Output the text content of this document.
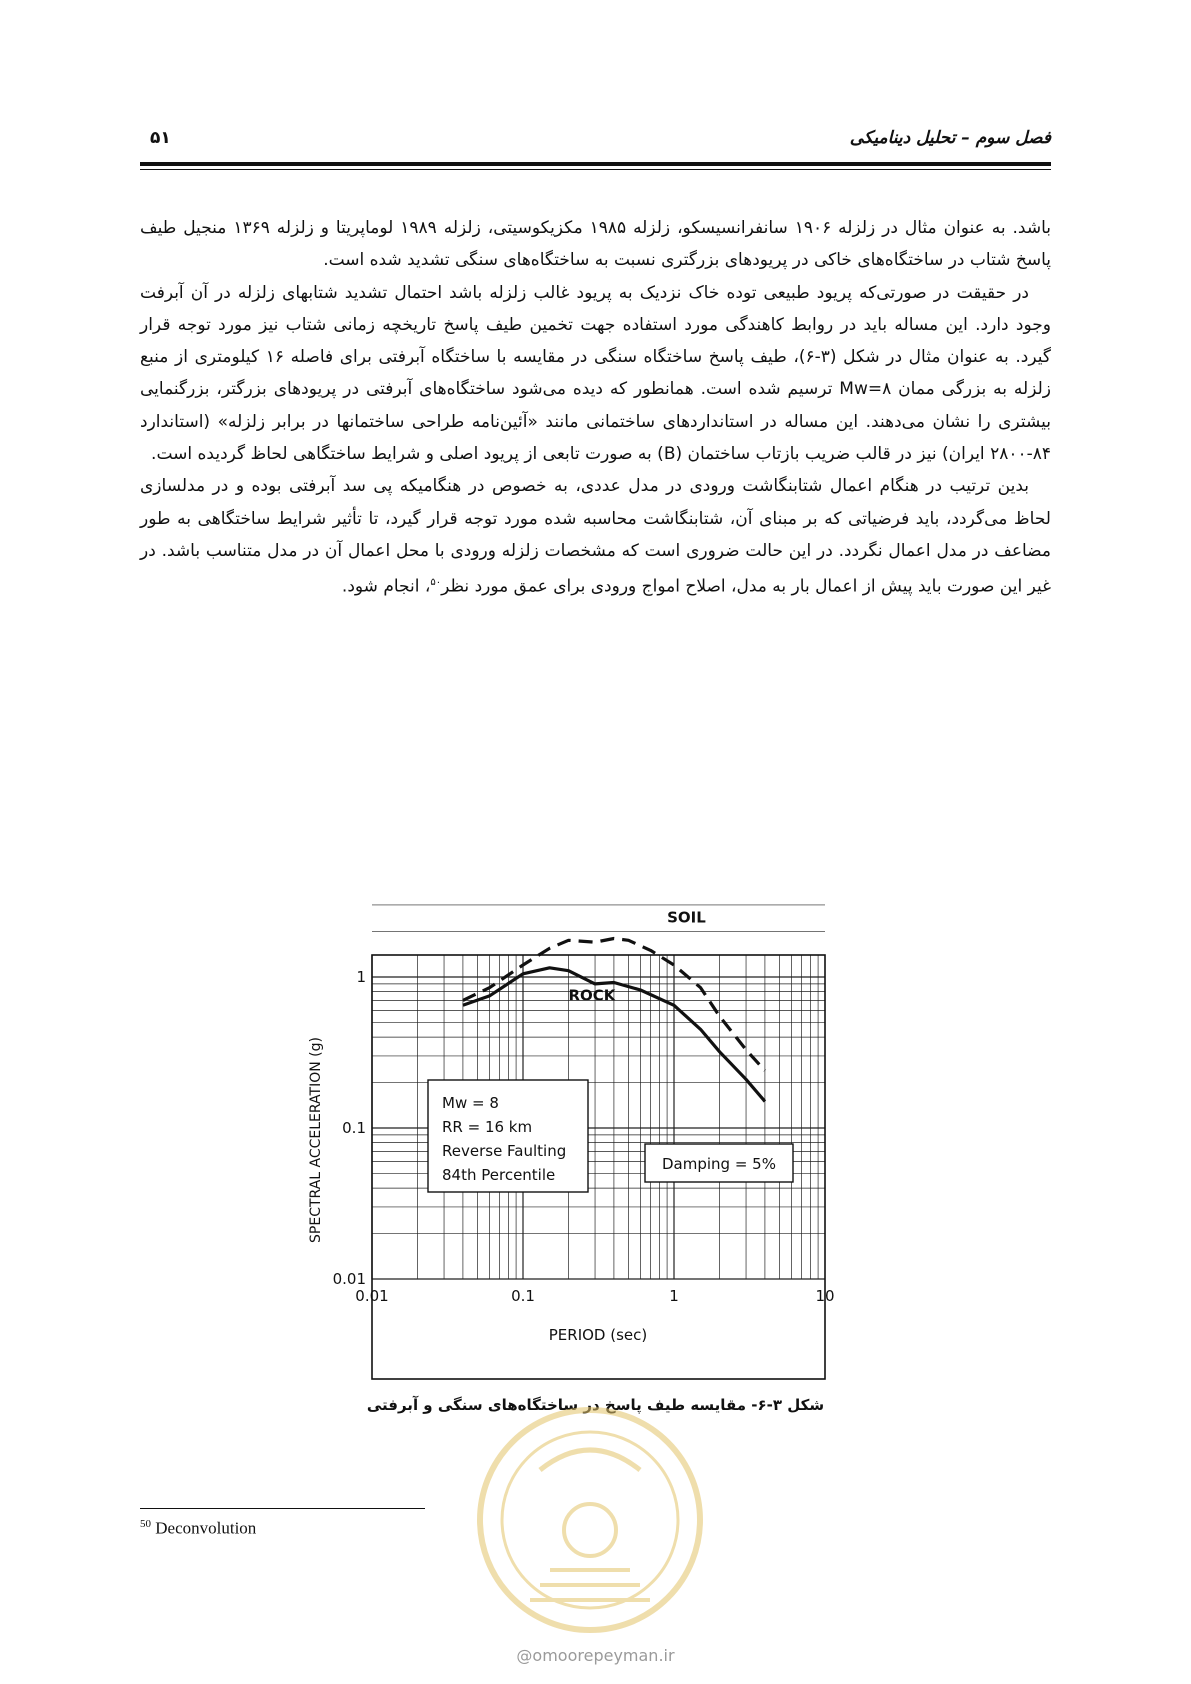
فصل سوم – تحلیل دینامیکی
۵۱

باشد. به عنوان مثال در زلزله ۱۹۰۶ سانفرانسیسکو، زلزله ۱۹۸۵ مکزیکوسیتی، زلزله ۱۹۸۹ لوماپریتا و زلزله ۱۳۶۹ منجیل طیف پاسخ شتاب در ساختگاه‌های خاکی در پریودهای بزرگتری نسبت به ساختگاه‌های سنگی تشدید شده است.

در حقیقت در صورتی‌که پریود طبیعی توده خاک نزدیک به پریود غالب زلزله باشد احتمال تشدید شتابهای زلزله در آن آبرفت وجود دارد. این مساله باید در روابط کاهندگی مورد استفاده جهت تخمین طیف پاسخ تاریخچه زمانی شتاب نیز مورد توجه قرار گیرد. به عنوان مثال در شکل (۳-۶)، طیف پاسخ ساختگاه سنگی در مقایسه با ساختگاه آبرفتی برای فاصله ۱۶ کیلومتری از منبع زلزله به بزرگی ممان Mw=۸ ترسیم شده است. همانطور که دیده می‌شود ساختگاه‌های آبرفتی در پریودهای بزرگتر، بزرگنمایی بیشتری را نشان می‌دهند. این مساله در استانداردهای ساختمانی مانند «آئین‌نامه طراحی ساختمانها در برابر زلزله» (استاندارد ۸۴-۲۸۰۰ ایران) نیز در قالب ضریب بازتاب ساختمان (B) به صورت تابعی از پریود اصلی و شرایط ساختگاهی لحاظ گردیده است.

بدین ترتیب در هنگام اعمال شتابنگاشت ورودی در مدل عددی، به خصوص در هنگامیکه پی سد آبرفتی بوده و در مدلسازی لحاظ می‌گردد، باید فرضیاتی که بر مبنای آن، شتابنگاشت محاسبه شده مورد توجه قرار گیرد، تا تأثیر شرایط ساختگاهی به طور مضاعف در مدل اعمال نگردد. در این حالت ضروری است که مشخصات زلزله ورودی با محل اعمال آن در مدل متناسب باشد. در غیر این صورت باید پیش از اعمال بار به مدل، اصلاح امواج ورودی برای عمق مورد نظر$^{۵۰}$، انجام شود.

SOIL
ROCK
0.01	0.1	1	10
0.01
0.1
1
PERIOD (sec)
SPECTRAL ACCELERATION (g)	Mw = 8
RR = 16 km
Reverse Faulting
84th Percentile
Damping = 5%
شکل ۳-۶- مقایسه طیف پاسخ در ساختگاه‌های سنگی و آبرفتی
$^{50}$ Deconvolution
@omoorepeyman.ir
